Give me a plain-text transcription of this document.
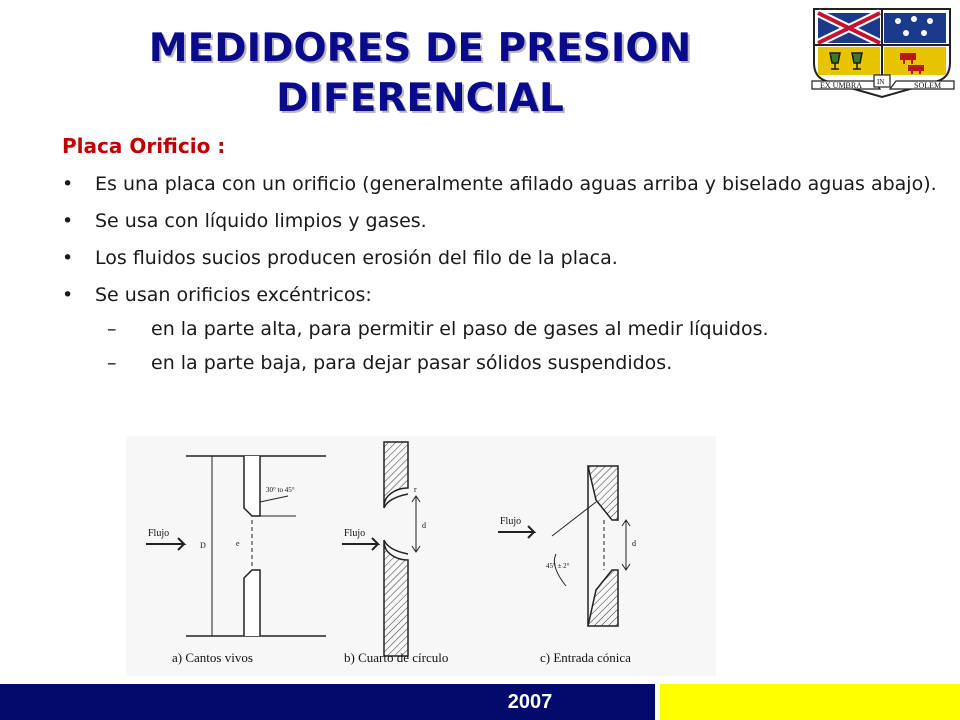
MEDIDORES DE PRESION
DIFERENCIAL	EX UMBRA IN	SOLEM
Placa Orificio :
• Es una placa con un orificio (generalmente afilado aguas arriba y biselado aguas abajo).
• Se usa con líquido limpios y gases.
• Los fluidos sucios producen erosión del filo de la placa.
• Se usan orificios excéntricos:
– en la parte alta, para permitir el paso de gases al medir líquidos.
– en la parte baja, para dejar pasar sólidos suspendidos.
Flujo
D	e
30° to 45°
Flujo
d
r
Flujo
d
45° ± 2°
a) Cantos vivos	b) Cuarto de círculo	c) Entrada cónica
2007
